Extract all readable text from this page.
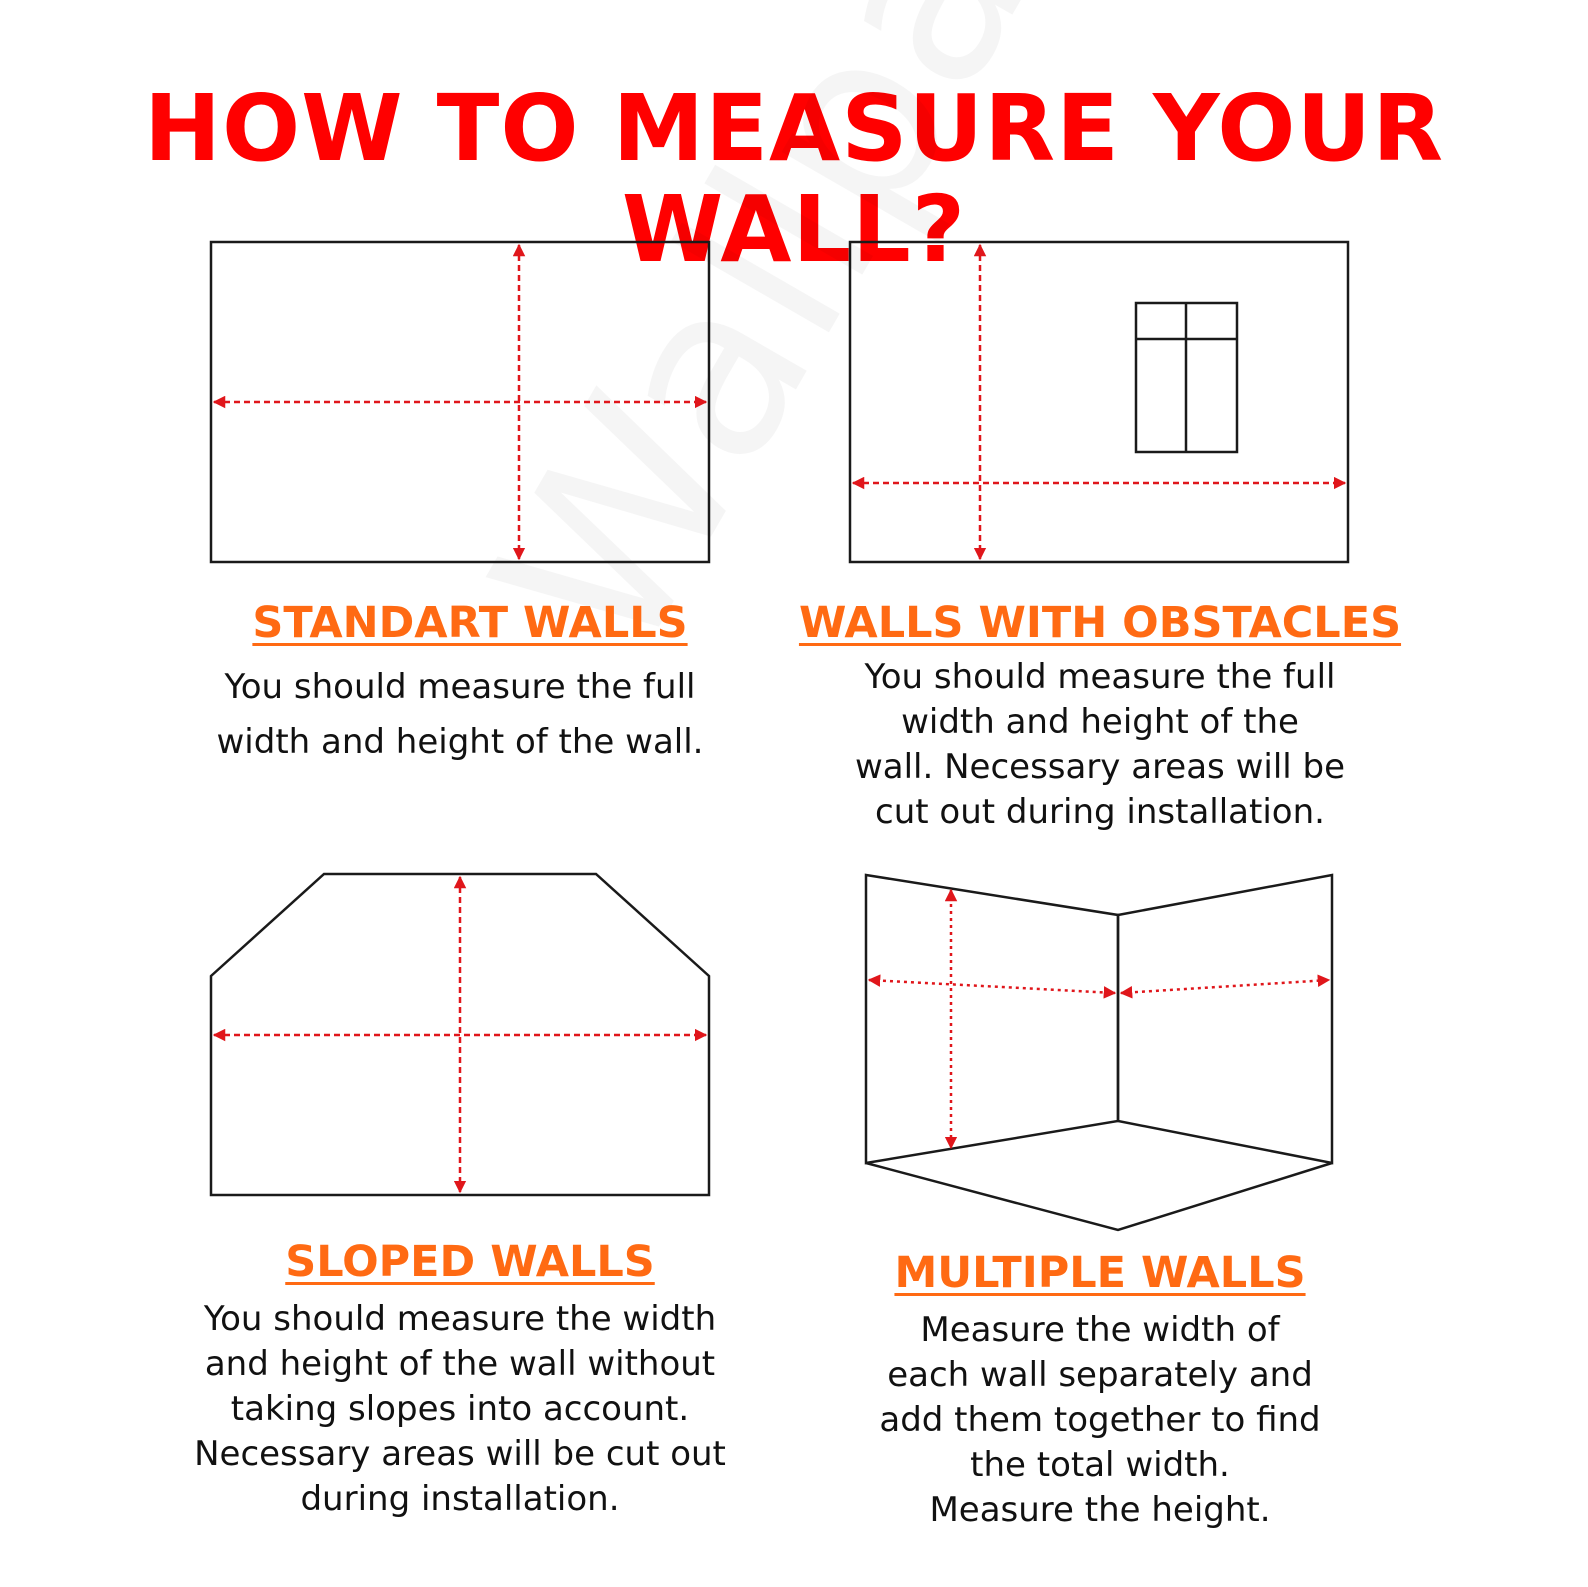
HOW TO MEASURE YOUR WALL?
STANDART WALLS	WALLS WITH OBSTACLES
SLOPED WALLS	MULTIPLE WALLS
You should measure the full
width and height of the wall.
You should measure the full
width and height of the
wall. Necessary areas will be
cut out during installation.
You should measure the width
and height of the wall without
taking slopes into account.
Necessary areas will be cut out
during installation.
Measure the width of
each wall separately and
add them together to find
the total width.
Measure the height.
